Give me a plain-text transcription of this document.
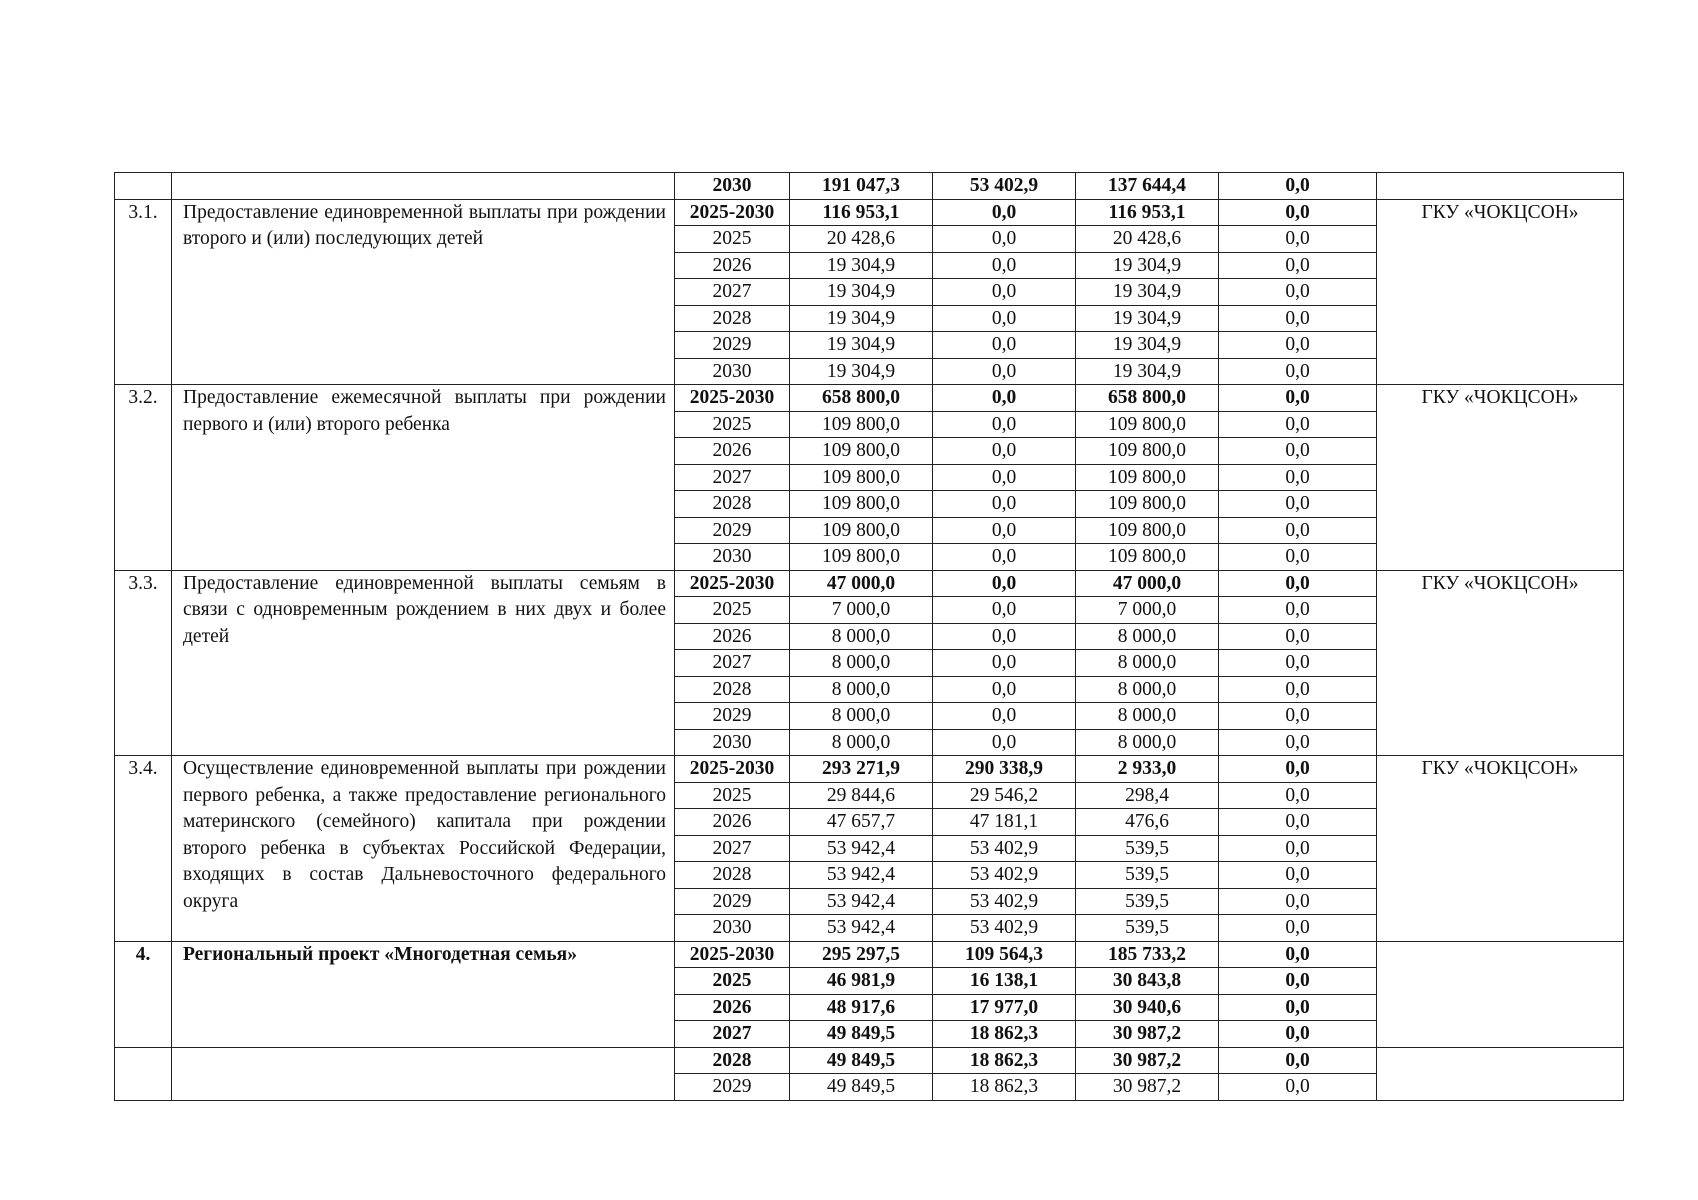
		2030	191 047,3	53 402,9	137 644,4	0,0	
3.1.	Предоставление единовременной выплаты при рождении второго и (или) последующих детей	2025-2030	116 953,1	0,0	116 953,1	0,0	ГКУ «ЧОКЦСОН»
		2025	20 428,6	0,0	20 428,6	0,0	
		2026	19 304,9	0,0	19 304,9	0,0	
		2027	19 304,9	0,0	19 304,9	0,0	
		2028	19 304,9	0,0	19 304,9	0,0	
		2029	19 304,9	0,0	19 304,9	0,0	
		2030	19 304,9	0,0	19 304,9	0,0	
3.2.	Предоставление ежемесячной выплаты при рождении первого и (или) второго ребенка	2025-2030	658 800,0	0,0	658 800,0	0,0	ГКУ «ЧОКЦСОН»
		2025	109 800,0	0,0	109 800,0	0,0	
		2026	109 800,0	0,0	109 800,0	0,0	
		2027	109 800,0	0,0	109 800,0	0,0	
		2028	109 800,0	0,0	109 800,0	0,0	
		2029	109 800,0	0,0	109 800,0	0,0	
		2030	109 800,0	0,0	109 800,0	0,0	
3.3.	Предоставление единовременной выплаты семьям в связи с одновременным рождением в них двух и более детей	2025-2030	47 000,0	0,0	47 000,0	0,0	ГКУ «ЧОКЦСОН»
		2025	7 000,0	0,0	7 000,0	0,0	
		2026	8 000,0	0,0	8 000,0	0,0	
		2027	8 000,0	0,0	8 000,0	0,0	
		2028	8 000,0	0,0	8 000,0	0,0	
		2029	8 000,0	0,0	8 000,0	0,0	
		2030	8 000,0	0,0	8 000,0	0,0	
3.4.	Осуществление единовременной выплаты при рождении первого ребенка, а также предоставление регионального материнского (семейного) капитала при рождении второго ребенка в субъектах Российской Федерации, входящих в состав Дальневосточного федерального округа	2025-2030	293 271,9	290 338,9	2 933,0	0,0	ГКУ «ЧОКЦСОН»
		2025	29 844,6	29 546,2	298,4	0,0	
		2026	47 657,7	47 181,1	476,6	0,0	
		2027	53 942,4	53 402,9	539,5	0,0	
		2028	53 942,4	53 402,9	539,5	0,0	
		2029	53 942,4	53 402,9	539,5	0,0	
		2030	53 942,4	53 402,9	539,5	0,0	
4.	Региональный проект «Многодетная семья»	2025-2030	295 297,5	109 564,3	185 733,2	0,0	
		2025	46 981,9	16 138,1	30 843,8	0,0	
		2026	48 917,6	17 977,0	30 940,6	0,0	
		2027	49 849,5	18 862,3	30 987,2	0,0	
		2028	49 849,5	18 862,3	30 987,2	0,0	
		2029	49 849,5	18 862,3	30 987,2	0,0	
